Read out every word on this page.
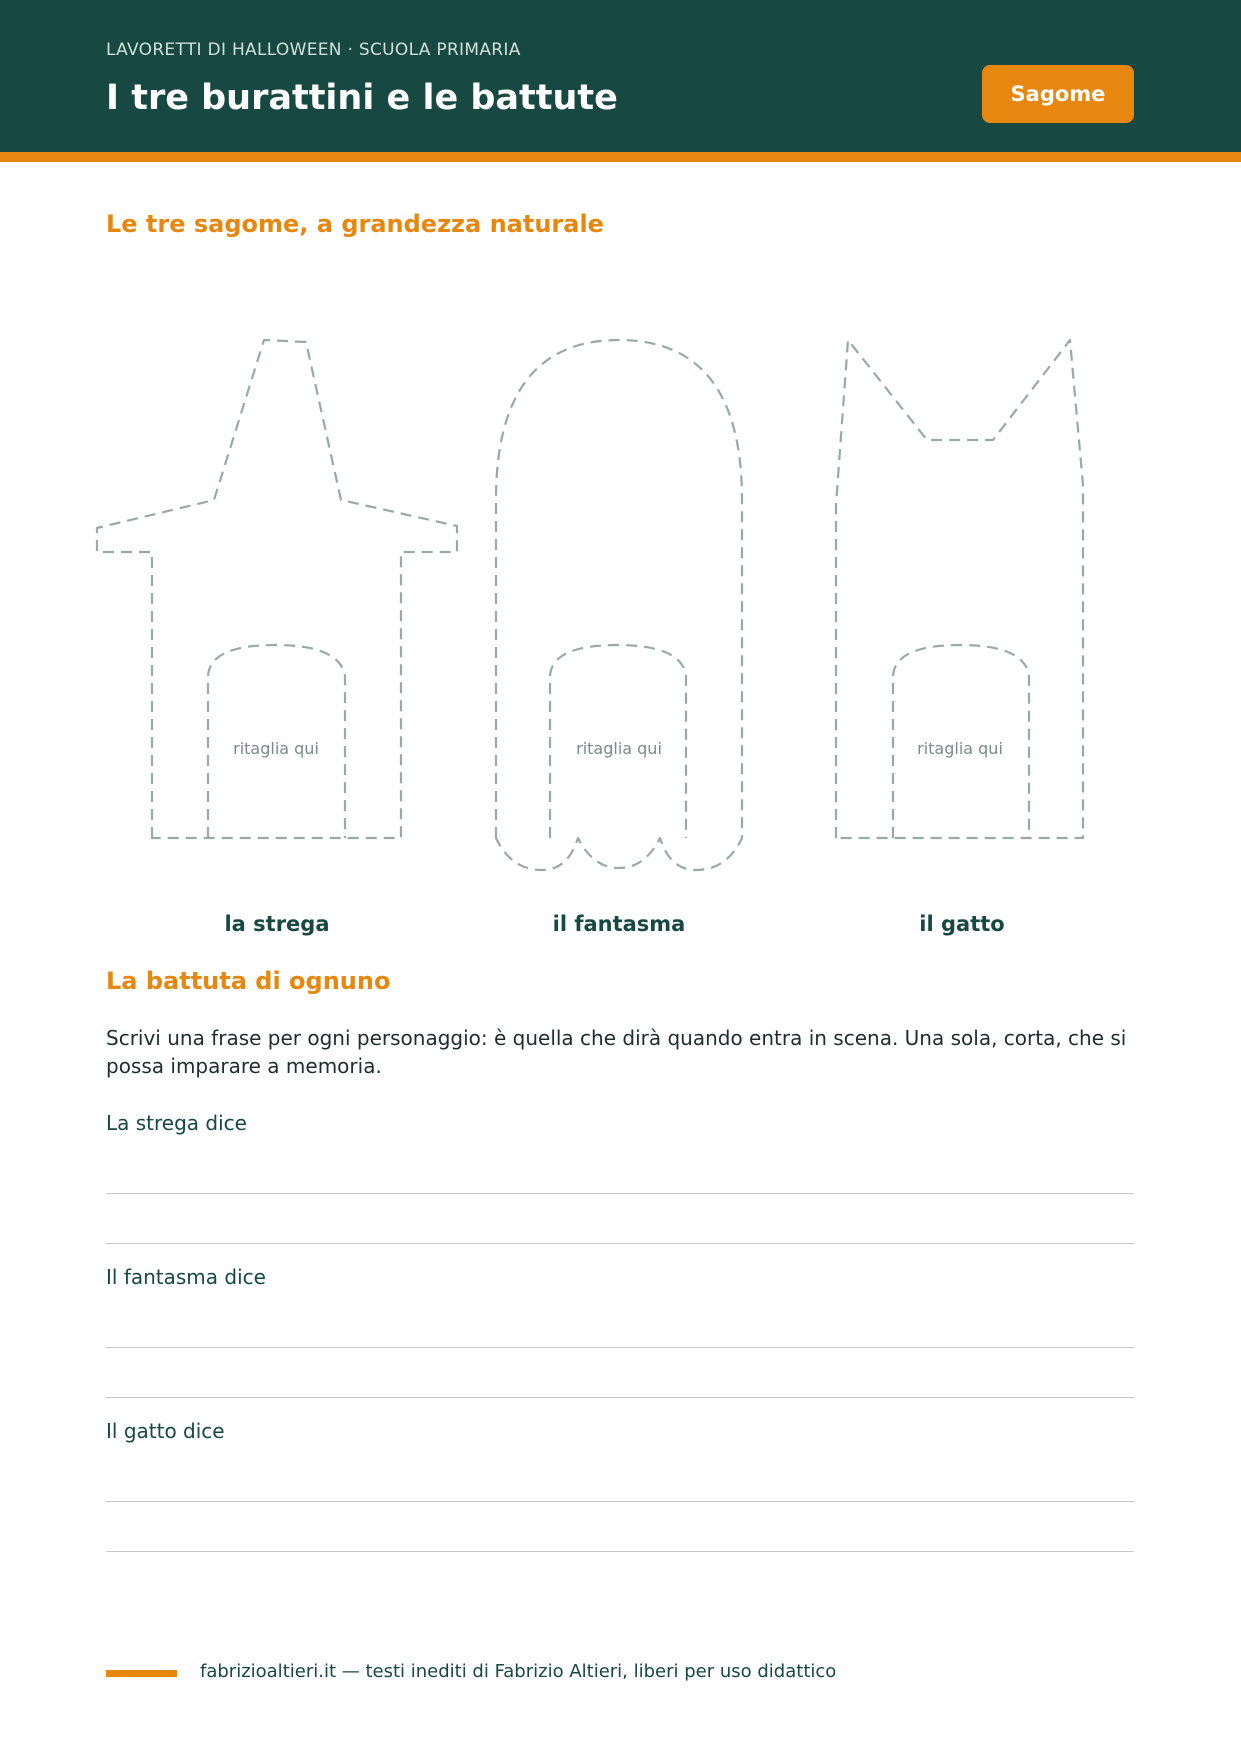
LAVORETTI DI HALLOWEEN · SCUOLA PRIMARIA
I tre burattini e le battute	Sagome
Le tre sagome, a grandezza naturale
ritaglia qui	ritaglia qui	ritaglia qui
la strega	il fantasma	il gatto
La battuta di ognuno

Scrivi una frase per ogni personaggio: è quella che dirà quando entra in scena. Una sola, corta, che si possa imparare a memoria.

La strega dice
Il fantasma dice
Il gatto dice
fabrizioaltieri.it — testi inediti di Fabrizio Altieri, liberi per uso didattico
